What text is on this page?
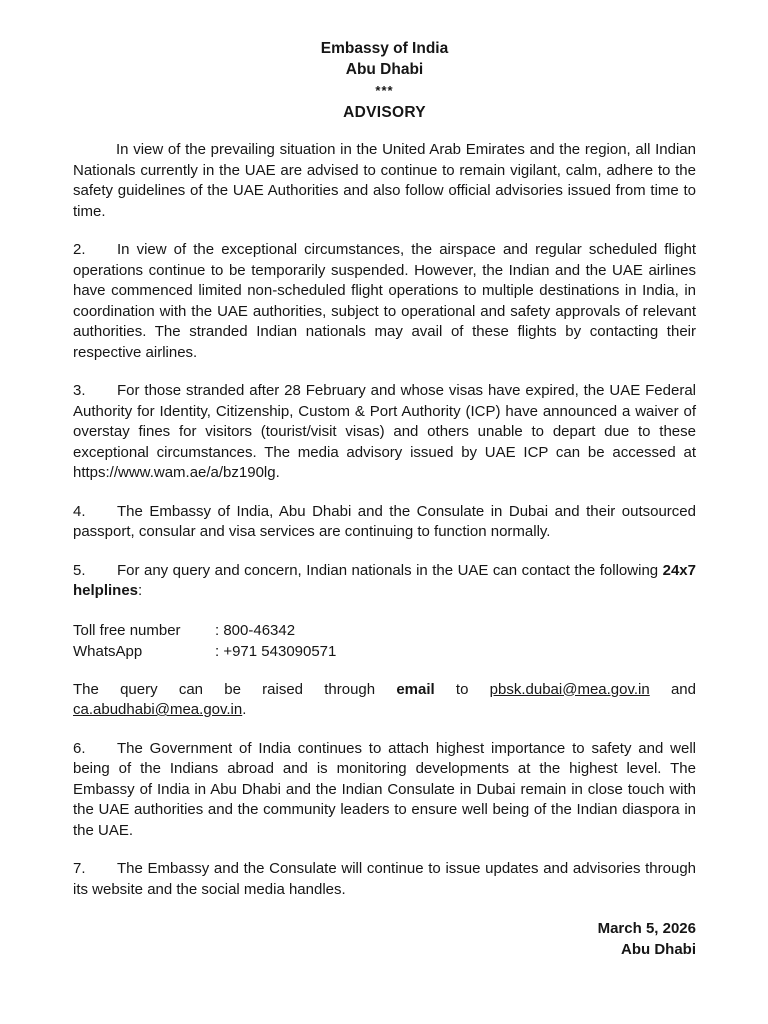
Embassy of India
Abu Dhabi
***
ADVISORY

In view of the prevailing situation in the United Arab Emirates and the region, all Indian Nationals currently in the UAE are advised to continue to remain vigilant, calm, adhere to the safety guidelines of the UAE Authorities and also follow official advisories issued from time to time.

2. In view of the exceptional circumstances, the airspace and regular scheduled flight operations continue to be temporarily suspended. However, the Indian and the UAE airlines have commenced limited non-scheduled flight operations to multiple destinations in India, in coordination with the UAE authorities, subject to operational and safety approvals of relevant authorities. The stranded Indian nationals may avail of these flights by contacting their respective airlines.

3. For those stranded after 28 February and whose visas have expired, the UAE Federal Authority for Identity, Citizenship, Custom & Port Authority (ICP) have announced a waiver of overstay fines for visitors (tourist/visit visas) and others unable to depart due to these exceptional circumstances. The media advisory issued by UAE ICP can be accessed at https://www.wam.ae/a/bz190lg.

4. The Embassy of India, Abu Dhabi and the Consulate in Dubai and their outsourced passport, consular and visa services are continuing to function normally.

5. For any query and concern, Indian nationals in the UAE can contact the following 24x7 helplines:

Toll free number : 800-46342
WhatsApp	: +971 543090571

The query can be raised through email to pbsk.dubai@mea.gov.in and ca.abudhabi@mea.gov.in.

6. The Government of India continues to attach highest importance to safety and well being of the Indians abroad and is monitoring developments at the highest level. The Embassy of India in Abu Dhabi and the Indian Consulate in Dubai remain in close touch with the UAE authorities and the community leaders to ensure well being of the Indian diaspora in the UAE.

7. The Embassy and the Consulate will continue to issue updates and advisories through its website and the social media handles.

March 5, 2026
Abu Dhabi
